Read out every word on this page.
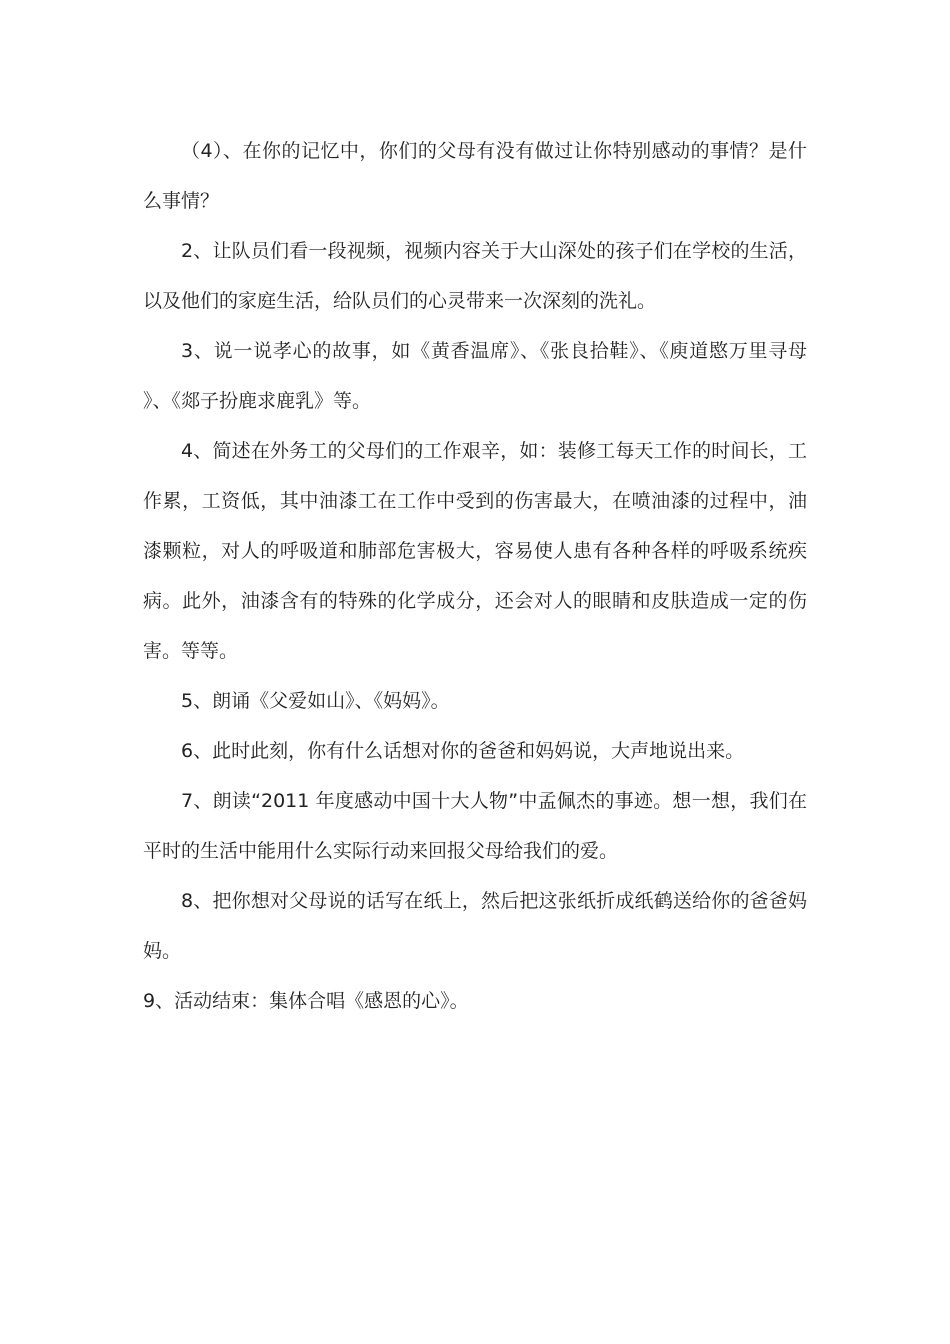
（4）、在你的记忆中，你们的父母有没有做过让你特别感动的事情？是什么事情？

2、让队员们看一段视频，视频内容关于大山深处的孩子们在学校的生活，以及他们的家庭生活，给队员们的心灵带来一次深刻的洗礼。

3、说一说孝心的故事，如《黄香温席》、《张良拾鞋》、《庾道愍万里寻母 》、《郯子扮鹿求鹿乳》等。

4、简述在外务工的父母们的工作艰辛，如：装修工每天工作的时间长，工作累，工资低，其中油漆工在工作中受到的伤害最大，在喷油漆的过程中，油漆颗粒，对人的呼吸道和肺部危害极大，容易使人患有各种各样的呼吸系统疾病。此外，油漆含有的特殊的化学成分，还会对人的眼睛和皮肤造成一定的伤害。等等。

5、朗诵《父爱如山》、《妈妈》。

6、此时此刻，你有什么话想对你的爸爸和妈妈说，大声地说出来。

7、朗读“2011 年度感动中国十大人物”中孟佩杰的事迹。想一想，我们在平时的生活中能用什么实际行动来回报父母给我们的爱。

8、把你想对父母说的话写在纸上，然后把这张纸折成纸鹤送给你的爸爸妈妈。

9、活动结束：集体合唱《感恩的心》。
